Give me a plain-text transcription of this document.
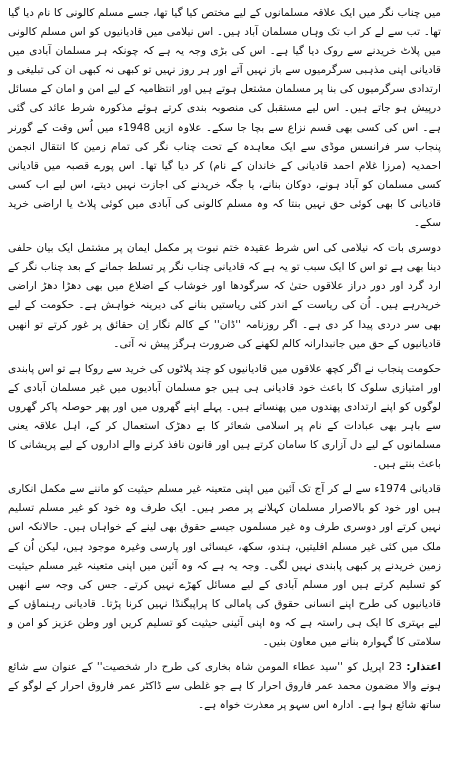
میں چناب نگر میں ایک علاقہ مسلمانوں کے لیے مختص کیا گیا تھا، جسے مسلم کالونی کا نام دیا گیا تھا۔ تب سے لے کر اب تک وہاں مسلمان آباد ہیں۔ اس نیلامی میں قادیانیوں کو اس مسلم کالونی میں پلاٹ خریدنے سے روک دیا گیا ہے۔ اس کی بڑی وجہ یہ ہے کہ چونکہ ہر مسلمان آبادی میں قادیانی اپنی مذہبی سرگرمیوں سے باز نہیں آتے اور ہر روز نہیں تو کبھی نہ کبھی ان کی تبلیغی و ارتدادی سرگرمیوں کی بنا پر مسلمان مشتعل ہوتے ہیں اور انتظامیہ کے لیے امن و امان کے مسائل درپیش ہو جاتے ہیں۔ اس لیے مستقبل کی منصوبہ بندی کرتے ہوئے مذکورہ شرط عائد کی گئی ہے۔ اس کی کسی بھی قسم نزاع سے بچا جا سکے۔ علاوہ ازیں 1948ء میں اُس وقت کے گورنر پنجاب سر فرانسس موڈی سے ایک معاہدہ کے تحت چناب نگر کی تمام زمین کا انتقال انجمن احمدیہ (مرزا غلام احمد قادیانی کے خاندان کے نام) کر دیا گیا تھا۔ اس پورے قصبہ میں قادیانی کسی مسلمان کو آباد ہونے، دوکان بنانے، یا جگہ خریدنے کی اجازت نہیں دیتے، اس لیے اب کسی قادیانی کا بھی کوئی حق نہیں بنتا کہ وہ مسلم کالونی کی آبادی میں کوئی پلاٹ یا اراضی خرید سکے۔

دوسری بات کہ نیلامی کی اس شرط عقیدہ ختم نبوت پر مکمل ایمان پر مشتمل ایک بیان حلفی دینا بھی ہے تو اس کا ایک سبب تو یہ ہے کہ قادیانی چناب نگر پر تسلط جمانے کے بعد چناب نگر کے ارد گرد اور دور دراز علاقوں حتیٰ کہ سرگودھا اور خوشاب کے اضلاع میں بھی دھڑا دھڑ اراضی خریدرہے ہیں۔ اُن کی ریاست کے اندر کئی ریاستیں بنانے کی دیرینہ خواہش ہے۔ حکومت کے لیے بھی سر دردی پیدا کر دی ہے۔ اگر روزنامہ ''ڈان'' کے کالم نگار اِن حقائق پر غور کرتے تو انھیں قادیانیوں کے حق میں جانبدارانہ کالم لکھنے کی ضرورت ہرگز پیش نہ آتی۔

حکومت پنجاب نے اگر کچھ علاقوں میں قادیانیوں کو چند پلاٹوں کی خرید سے روکا ہے تو اس پابندی اور امتیازی سلوک کا باعث خود قادیانی ہی ہیں جو مسلمان آبادیوں میں غیر مسلمان آبادی کے لوگوں کو اپنے ارتدادی پھندوں میں پھنساتے ہیں۔ پہلے اپنے گھروں میں اور پھر حوصلہ پاکر گھروں سے باہر بھی عبادات کے نام پر اسلامی شعائر کا بے دھڑک استعمال کر کے، اہل علاقہ یعنی مسلمانوں کے لیے دل آزاری کا سامان کرتے ہیں اور قانون نافذ کرنے والے اداروں کے لیے پریشانی کا باعث بنتے ہیں۔

قادیانی 1974ء سے لے کر آج تک آئین میں اپنی متعینہ غیر مسلم حیثیت کو ماننے سے مکمل انکاری ہیں اور خود کو بالاصرار مسلمان کہلانے پر مصر ہیں۔ ایک طرف وہ خود کو غیر مسلم تسلیم نہیں کرتے اور دوسری طرف وہ غیر مسلموں جیسے حقوق بھی لینے کے خواہاں ہیں۔ حالانکہ اس ملک میں کئی غیر مسلم اقلیتیں، ہندو، سکھ، عیسائی اور پارسی وغیرہ موجود ہیں، لیکن اُن کے زمین خریدنے پر کبھی پابندی نہیں لگی۔ وجہ یہ ہے کہ وہ آئین میں اپنی متعینہ غیر مسلم حیثیت کو تسلیم کرتے ہیں اور مسلم آبادی کے لیے مسائل کھڑے نہیں کرتے۔ جس کی وجہ سے انھیں قادیانیوں کی طرح اپنے انسانی حقوق کی پامالی کا پراپیگنڈا نہیں کرنا پڑتا۔ قادیانی رہنماؤں کے لیے بہتری کا ایک ہی راستہ ہے کہ وہ اپنی آئینی حیثیت کو تسلیم کریں اور وطن عزیز کو امن و سلامتی کا گہوارہ بنانے میں معاون بنیں۔

اعتذار: 23 اپریل کو ''سید عطاء المومن شاہ بخاری کی طرح دار شخصیت'' کے عنوان سے شائع ہونے والا مضمون محمد عمر فاروق احرار کا ہے جو غلطی سے ڈاکٹر عمر فاروق احرار کے لوگو کے ساتھ شائع ہوا ہے۔ ادارہ اس سہو پر معذرت خواہ ہے۔
